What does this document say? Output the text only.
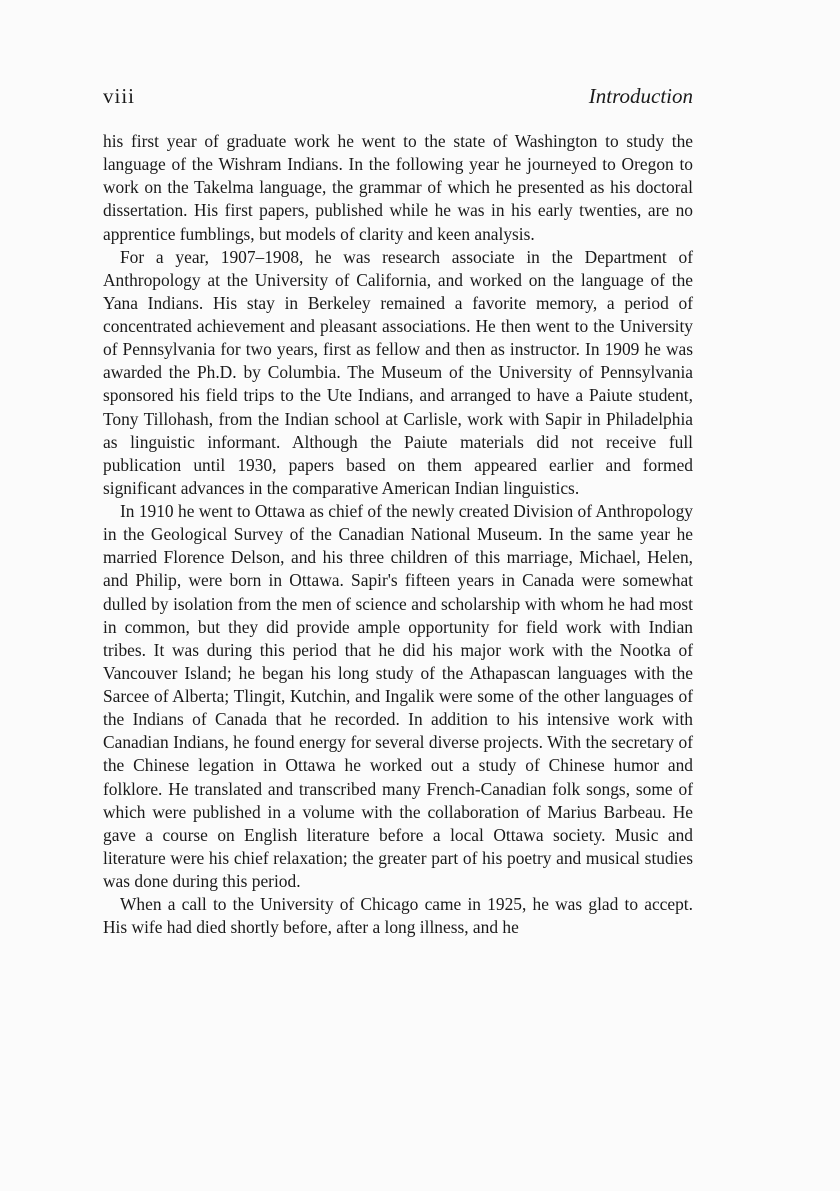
viii	Introduction

his first year of graduate work he went to the state of Washington to study the language of the Wishram Indians. In the following year he journeyed to Oregon to work on the Takelma language, the grammar of which he presented as his doctoral dissertation. His first papers, published while he was in his early twenties, are no apprentice fumblings, but models of clarity and keen analysis.

For a year, 1907–1908, he was research associate in the Department of Anthropology at the University of California, and worked on the language of the Yana Indians. His stay in Berkeley remained a favorite memory, a period of concentrated achievement and pleasant associations. He then went to the University of Pennsylvania for two years, first as fellow and then as instructor. In 1909 he was awarded the Ph.D. by Columbia. The Museum of the University of Pennsylvania sponsored his field trips to the Ute Indians, and arranged to have a Paiute student, Tony Tillohash, from the Indian school at Carlisle, work with Sapir in Philadelphia as linguistic informant. Although the Paiute materials did not receive full publication until 1930, papers based on them appeared earlier and formed significant advances in the comparative American Indian linguistics.

In 1910 he went to Ottawa as chief of the newly created Division of Anthropology in the Geological Survey of the Canadian National Museum. In the same year he married Florence Delson, and his three children of this marriage, Michael, Helen, and Philip, were born in Ottawa. Sapir's fifteen years in Canada were somewhat dulled by isolation from the men of science and scholarship with whom he had most in common, but they did provide ample opportunity for field work with Indian tribes. It was during this period that he did his major work with the Nootka of Vancouver Island; he began his long study of the Athapascan languages with the Sarcee of Alberta; Tlingit, Kutchin, and Ingalik were some of the other languages of the Indians of Canada that he recorded. In addition to his intensive work with Canadian Indians, he found energy for several diverse projects. With the secretary of the Chinese legation in Ottawa he worked out a study of Chinese humor and folklore. He translated and transcribed many French-Canadian folk songs, some of which were published in a volume with the collaboration of Marius Barbeau. He gave a course on English literature before a local Ottawa society. Music and literature were his chief relaxation; the greater part of his poetry and musical studies was done during this period.

When a call to the University of Chicago came in 1925, he was glad to accept. His wife had died shortly before, after a long illness, and he
